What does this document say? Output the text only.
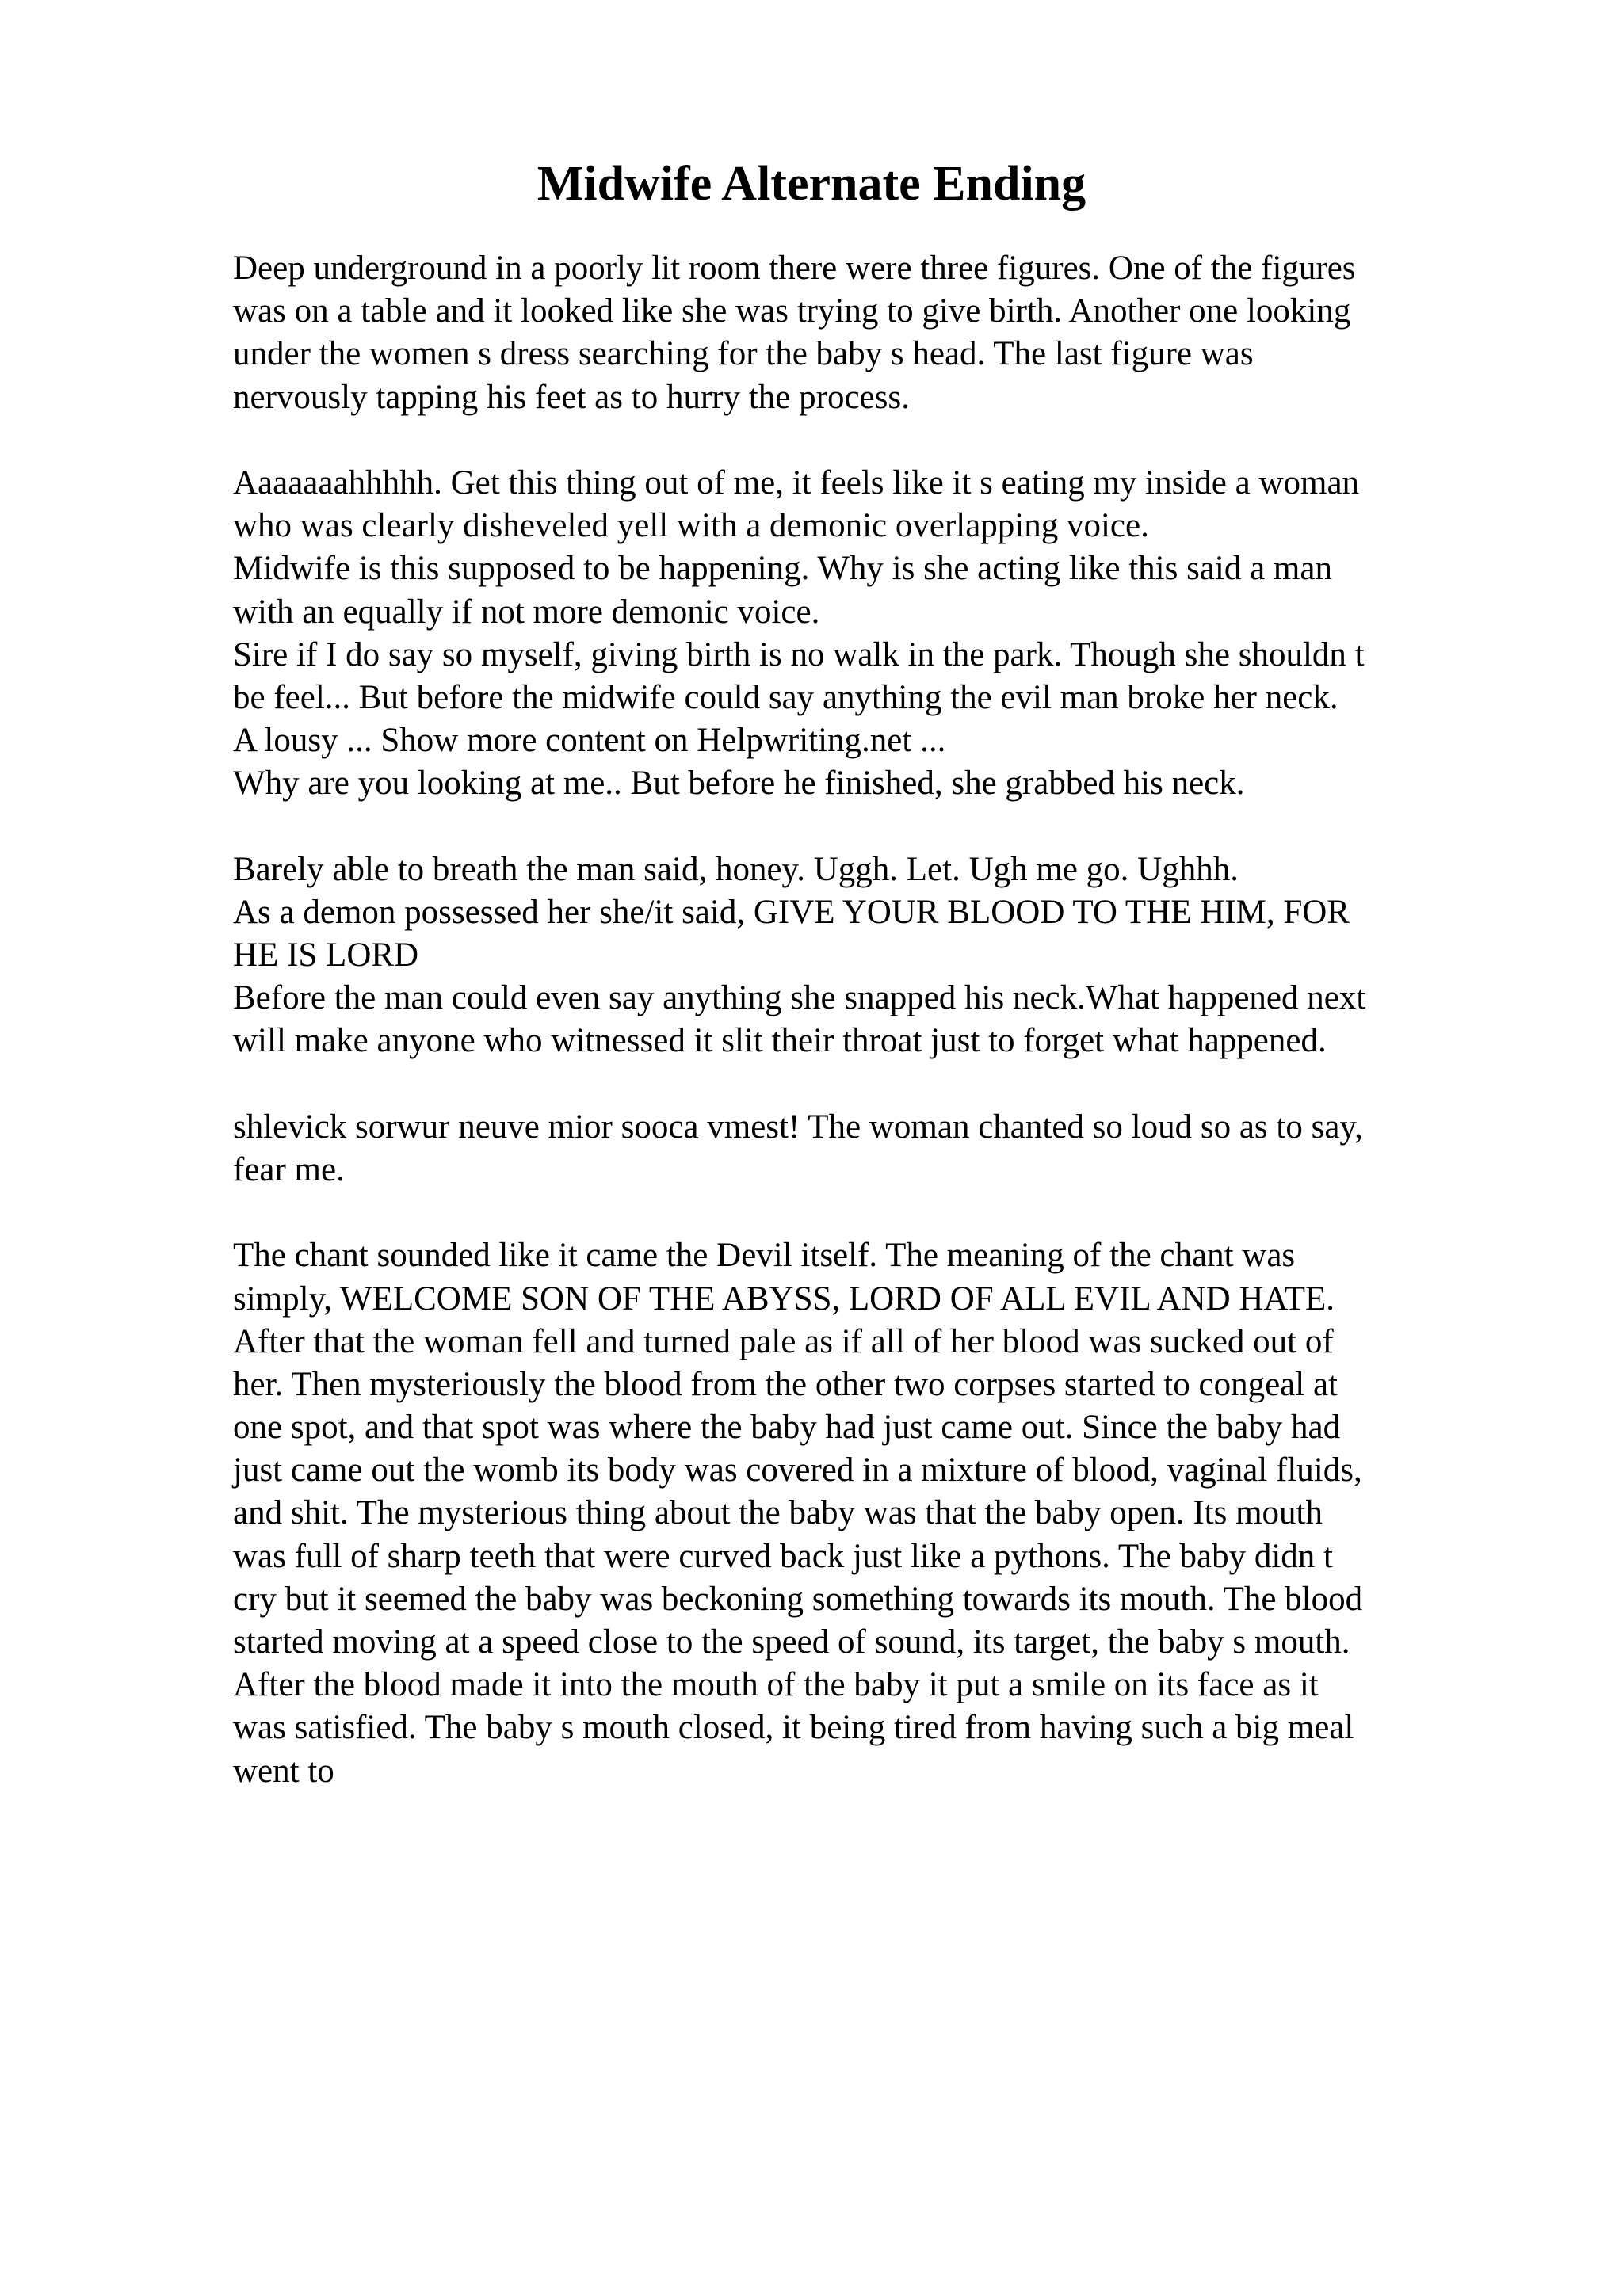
Midwife Alternate Ending
Deep underground in a poorly lit room there were three figures. One of the figures
was on a table and it looked like she was trying to give birth. Another one looking
under the women s dress searching for the baby s head. The last figure was
nervously tapping his feet as to hurry the process.
Aaaaaaahhhhh. Get this thing out of me, it feels like it s eating my inside a woman
who was clearly disheveled yell with a demonic overlapping voice.
Midwife is this supposed to be happening. Why is she acting like this said a man
with an equally if not more demonic voice.
Sire if I do say so myself, giving birth is no walk in the park. Though she shouldn t
be feel... But before the midwife could say anything the evil man broke her neck.
A lousy ... Show more content on Helpwriting.net ...
Why are you looking at me.. But before he finished, she grabbed his neck.
Barely able to breath the man said, honey. Uggh. Let. Ugh me go. Ughhh.
As a demon possessed her she/it said, GIVE YOUR BLOOD TO THE HIM, FOR
HE IS LORD
Before the man could even say anything she snapped his neck.What happened next
will make anyone who witnessed it slit their throat just to forget what happened.
shlevick sorwur neuve mior sooca vmest! The woman chanted so loud so as to say,
fear me.
The chant sounded like it came the Devil itself. The meaning of the chant was
simply, WELCOME SON OF THE ABYSS, LORD OF ALL EVIL AND HATE.
After that the woman fell and turned pale as if all of her blood was sucked out of
her. Then mysteriously the blood from the other two corpses started to congeal at
one spot, and that spot was where the baby had just came out. Since the baby had
just came out the womb its body was covered in a mixture of blood, vaginal fluids,
and shit. The mysterious thing about the baby was that the baby open. Its mouth
was full of sharp teeth that were curved back just like a pythons. The baby didn t
cry but it seemed the baby was beckoning something towards its mouth. The blood
started moving at a speed close to the speed of sound, its target, the baby s mouth.
After the blood made it into the mouth of the baby it put a smile on its face as it
was satisfied. The baby s mouth closed, it being tired from having such a big meal
went to
